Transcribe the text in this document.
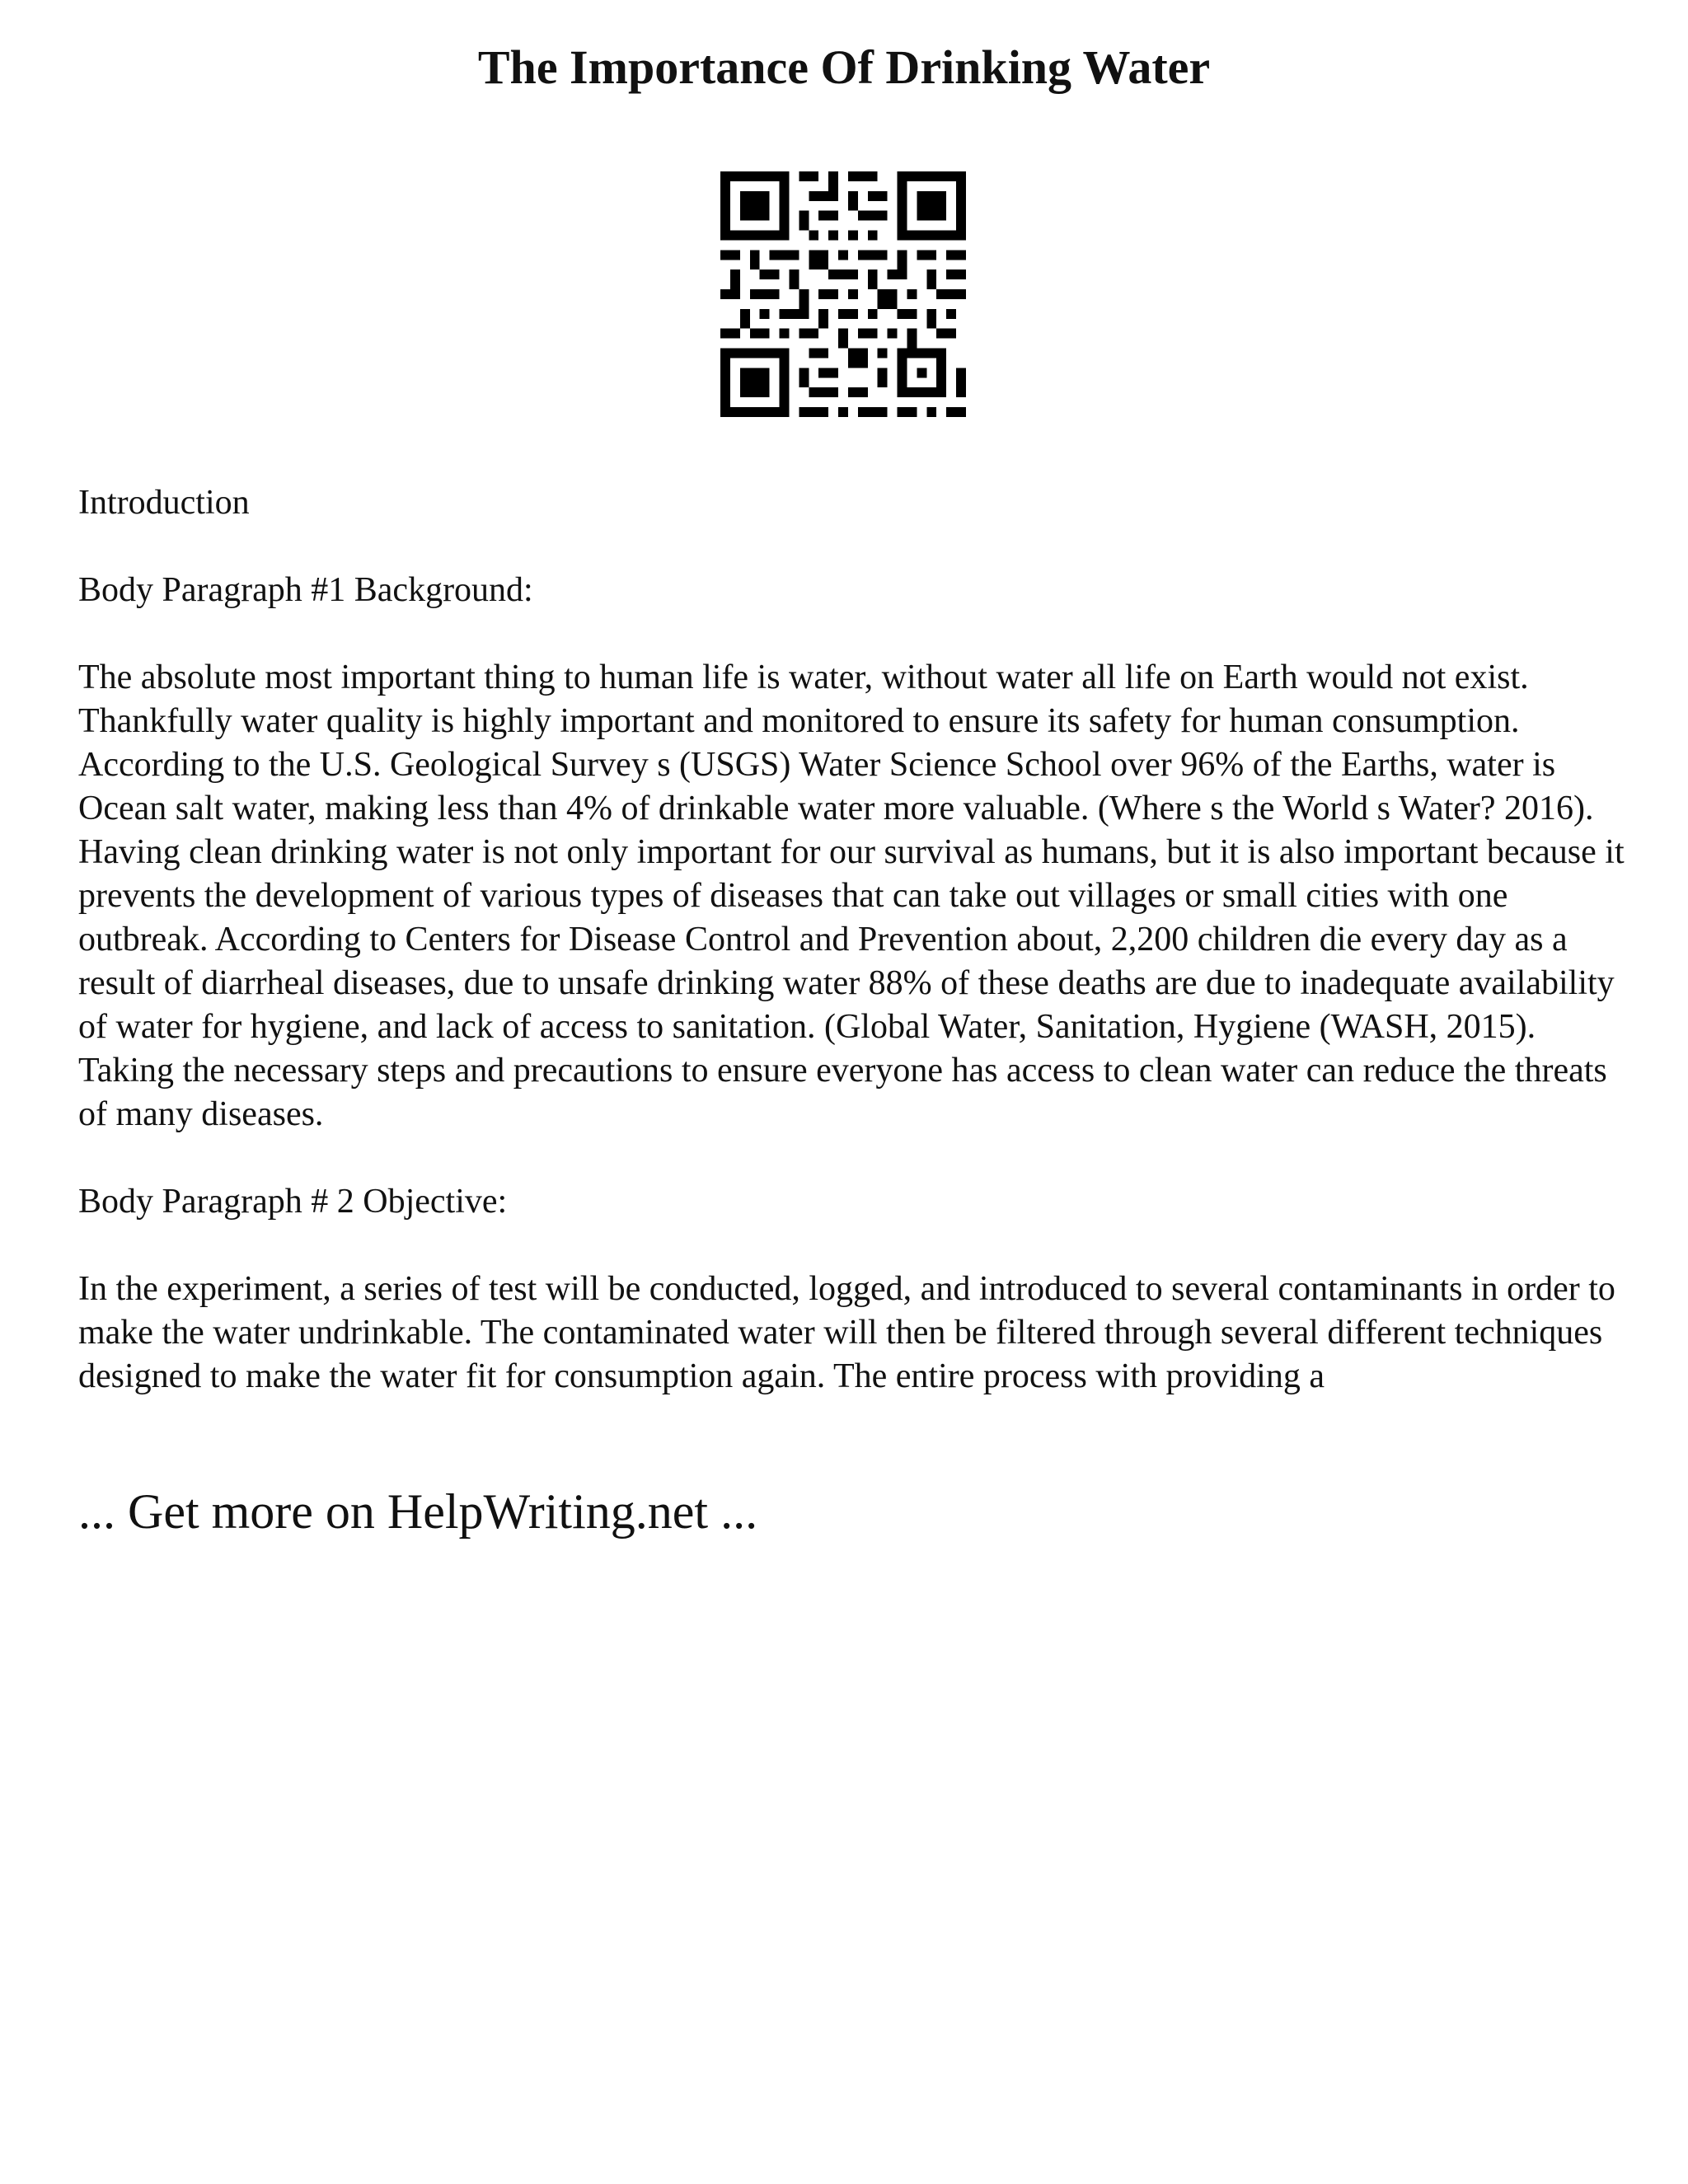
The Importance Of Drinking Water

Introduction

Body Paragraph #1 Background:

The absolute most important thing to human life is water, without water all life on Earth would not exist. Thankfully water quality is highly important and monitored to ensure its safety for human consumption. According to the U.S. Geological Survey s (USGS) Water Science School over 96% of the Earths, water is Ocean salt water, making less than 4% of drinkable water more valuable. (Where s the World s Water? 2016). Having clean drinking water is not only important for our survival as humans, but it is also important because it prevents the development of various types of diseases that can take out villages or small cities with one outbreak. According to Centers for Disease Control and Prevention about, 2,200 children die every day as a result of diarrheal diseases, due to unsafe drinking water 88% of these deaths are due to inadequate availability of water for hygiene, and lack of access to sanitation. (Global Water, Sanitation, Hygiene (WASH, 2015). Taking the necessary steps and precautions to ensure everyone has access to clean water can reduce the threats of many diseases.

Body Paragraph # 2 Objective:

In the experiment, a series of test will be conducted, logged, and introduced to several contaminants in order to make the water undrinkable. The contaminated water will then be filtered through several different techniques designed to make the water fit for consumption again. The entire process with providing a

... Get more on HelpWriting.net ...
